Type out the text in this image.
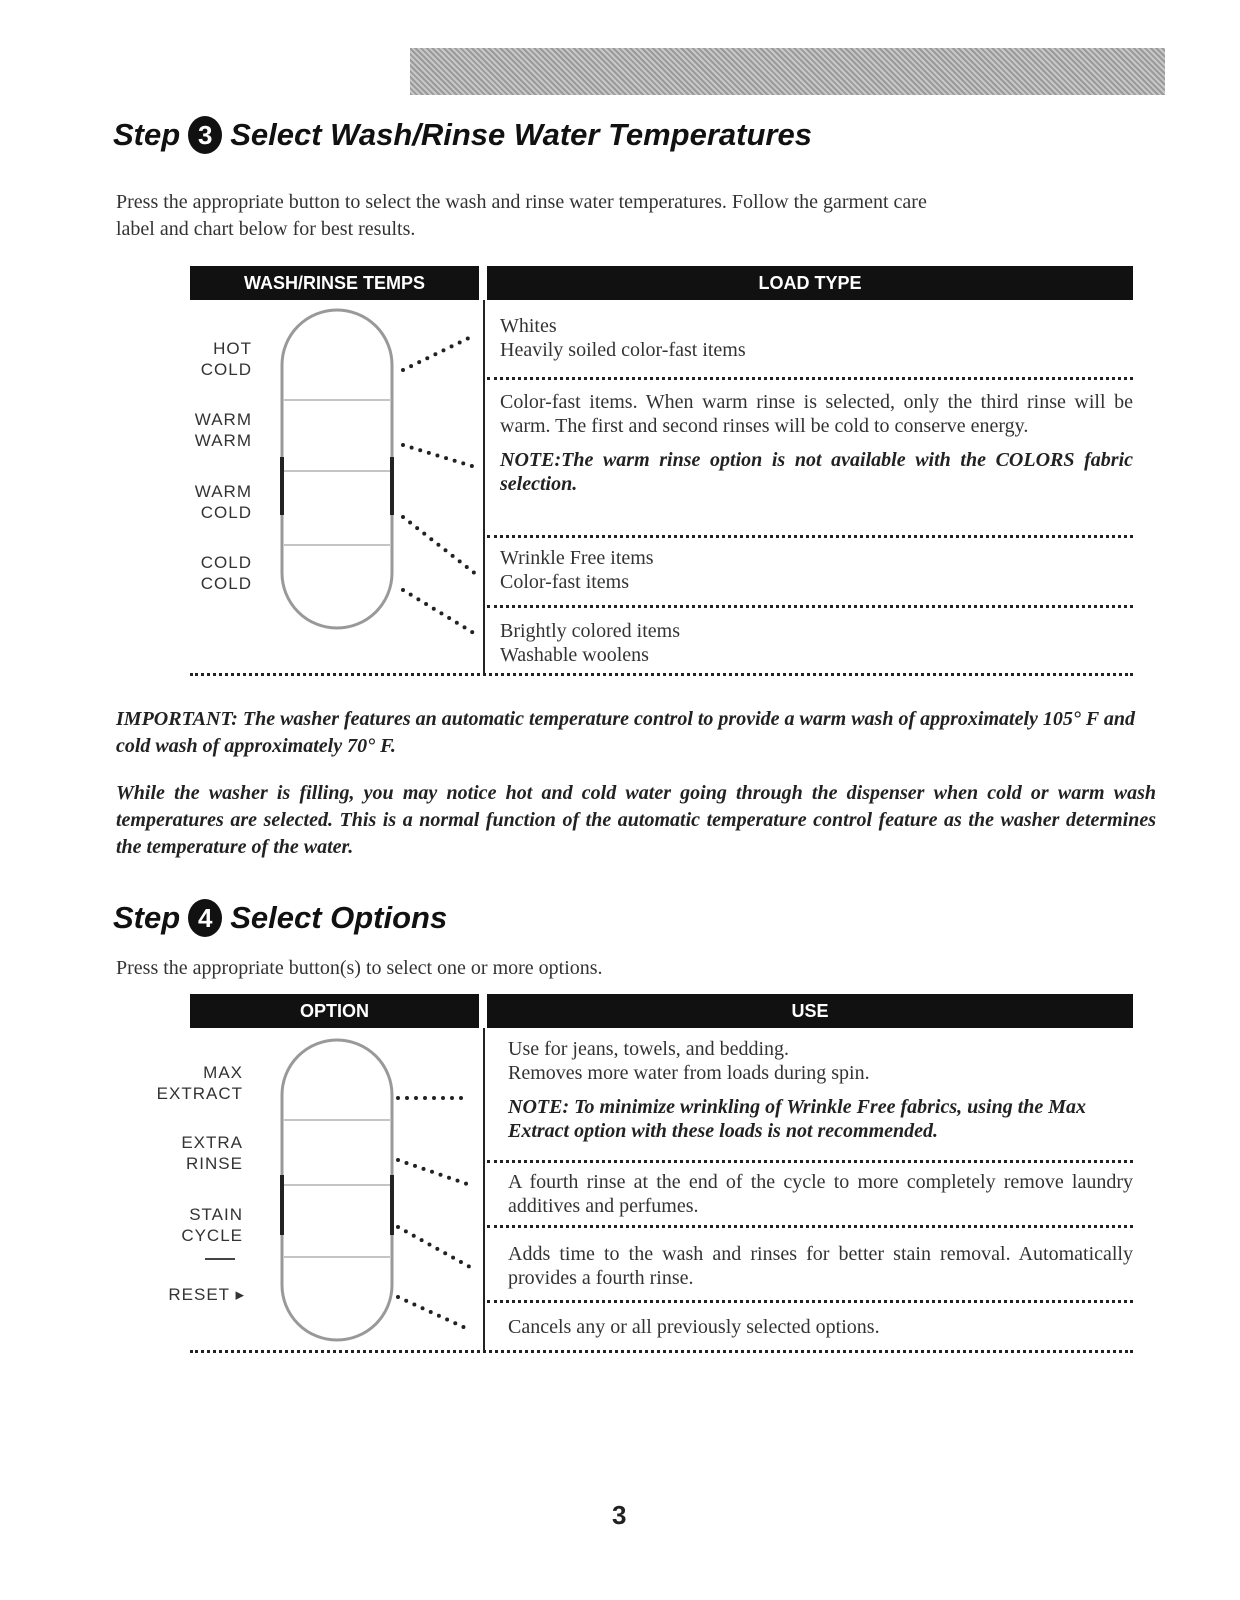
Step 3 Select Wash/Rinse Water Temperatures
Press the appropriate button to select the wash and rinse water temperatures. Follow the garment care label and chart below for best results.
WASH/RINSE TEMPS	LOAD TYPE
HOT
COLD
WARM
WARM
WARM
COLD
COLD
COLD
Whites
Heavily soiled color-fast items
Color-fast items. When warm rinse is selected, only the third rinse will be warm. The first and second rinses will be cold to conserve energy.
NOTE:The warm rinse option is not available with the COLORS fabric selection.
Wrinkle Free items
Color-fast items
Brightly colored items
Washable woolens
IMPORTANT: The washer features an automatic temperature control to provide a warm wash of approximately 105° F and cold wash of approximately 70° F.
While the washer is filling, you may notice hot and cold water going through the dispenser when cold or warm wash temperatures are selected. This is a normal function of the automatic temperature control feature as the washer determines the temperature of the water.
Step 4 Select Options
Press the appropriate button(s) to select one or more options.
OPTION	USE
MAX
EXTRACT
EXTRA
RINSE
STAIN
CYCLE
RESET ▸
Use for jeans, towels, and bedding.
Removes more water from loads during spin.
NOTE: To minimize wrinkling of Wrinkle Free fabrics, using the Max Extract option with these loads is not recommended.
A fourth rinse at the end of the cycle to more completely remove laundry additives and perfumes.
Adds time to the wash and rinses for better stain removal. Automatically provides a fourth rinse.
Cancels any or all previously selected options.
3
